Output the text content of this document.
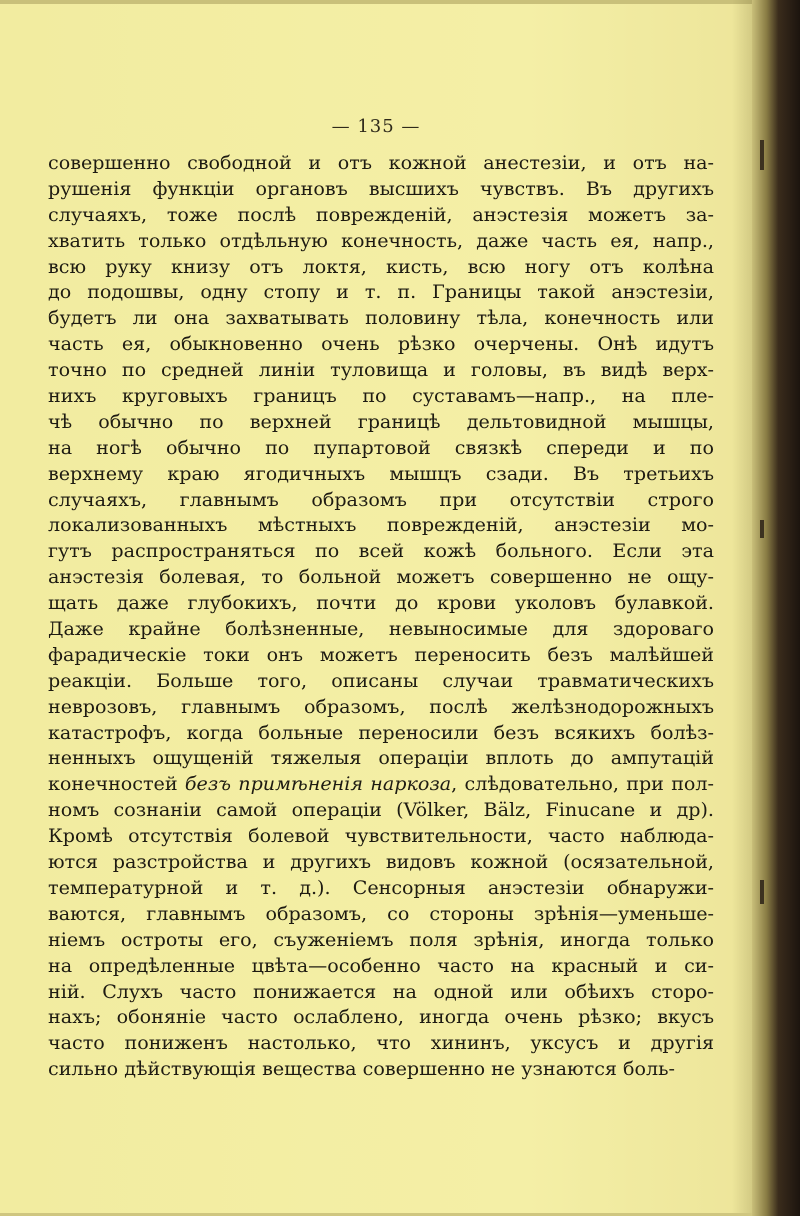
— 135 —
совершенно свободной и отъ кожной анестезіи, и отъ на-
рушенія функціи органовъ высшихъ чувствъ. Въ другихъ
случаяхъ, тоже послѣ поврежденій, анэстезія можетъ за-
хватить только отдѣльную конечность, даже часть ея, напр.,
всю руку книзу отъ локтя, кисть, всю ногу отъ колѣна
до подошвы, одну стопу и т. п. Границы такой анэстезіи,
будетъ ли она захватывать половину тѣла, конечность или
часть ея, обыкновенно очень рѣзко очерчены. Онѣ идутъ
точно по средней линіи туловища и головы, въ видѣ верх-
нихъ круговыхъ границъ по суставамъ—напр., на пле-
чѣ обычно по верхней границѣ дельтовидной мышцы,
на ногѣ обычно по пупартовой связкѣ спереди и по
верхнему краю ягодичныхъ мышцъ сзади. Въ третьихъ
случаяхъ, главнымъ образомъ при отсутствіи строго
локализованныхъ мѣстныхъ поврежденій, анэстезіи мо-
гутъ распространяться по всей кожѣ больного. Если эта
анэстезія болевая, то больной можетъ совершенно не ощу-
щать даже глубокихъ, почти до крови уколовъ булавкой.
Даже крайне болѣзненные, невыносимые для здороваго
фарадическіе токи онъ можетъ переносить безъ малѣйшей
реакціи. Больше того, описаны случаи травматическихъ
неврозовъ, главнымъ образомъ, послѣ желѣзнодорожныхъ
катастрофъ, когда больные переносили безъ всякихъ болѣз-
ненныхъ ощущеній тяжелыя операціи вплоть до ампутацій
конечностей безъ примѣненія наркоза, слѣдовательно, при пол-
номъ сознаніи самой операціи (Völker, Bälz, Finucane и др).
Кромѣ отсутствія болевой чувствительности, часто наблюда-
ются разстройства и другихъ видовъ кожной (осязательной,
температурной и т. д.). Сенсорныя анэстезіи обнаружи-
ваются, главнымъ образомъ, со стороны зрѣнія—уменьше-
ніемъ остроты его, съуженіемъ поля зрѣнія, иногда только
на опредѣленные цвѣта—особенно часто на красный и си-
ній. Слухъ часто понижается на одной или обѣихъ сторо-
нахъ; обоняніе часто ослаблено, иногда очень рѣзко; вкусъ
часто пониженъ настолько, что хининъ, уксусъ и другія
сильно дѣйствующія вещества совершенно не узнаются боль-
